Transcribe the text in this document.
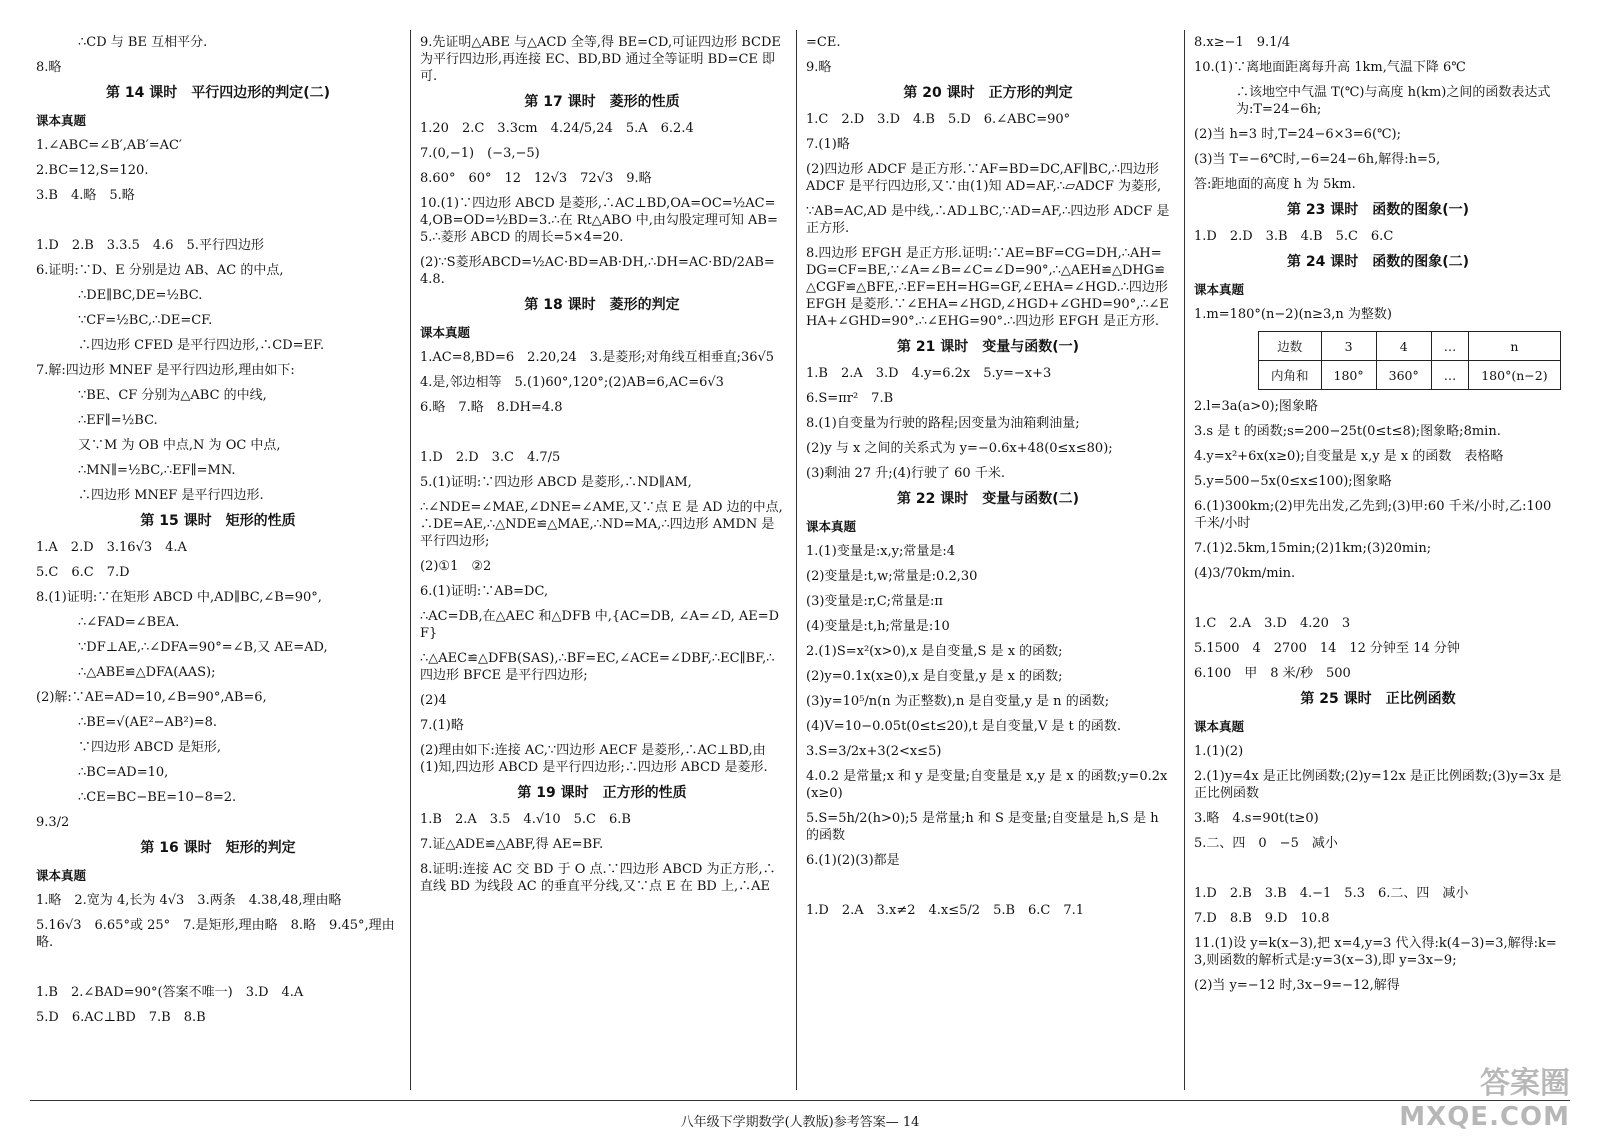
∴CD 与 BE 互相平分.
8.略
第 14 课时　平行四边形的判定(二)
课本真题
1.∠ABC=∠B′,AB′=AC′
2.BC=12,S=120.
3.B　4.略　5.略
1.D　2.B　3.3.5　4.6　5.平行四边形
6.证明:∵D、E 分别是边 AB、AC 的中点,
∴DE∥BC,DE=½BC.
∵CF=½BC,∴DE=CF.
∴四边形 CFED 是平行四边形,∴CD=EF.
7.解:四边形 MNEF 是平行四边形,理由如下:
∵BE、CF 分别为△ABC 的中线,
∴EF∥=½BC.
又∵M 为 OB 中点,N 为 OC 中点,
∴MN∥=½BC,∴EF∥=MN.
∴四边形 MNEF 是平行四边形.
第 15 课时　矩形的性质
1.A　2.D　3.16√3　4.A
5.C　6.C　7.D
8.(1)证明:∵在矩形 ABCD 中,AD∥BC,∠B=90°,
∴∠FAD=∠BEA.
∵DF⊥AE,∴∠DFA=90°=∠B,又 AE=AD,
∴△ABE≌△DFA(AAS);
(2)解:∵AE=AD=10,∠B=90°,AB=6,
∴BE=√(AE²−AB²)=8.
∵四边形 ABCD 是矩形,
∴BC=AD=10,
∴CE=BC−BE=10−8=2.
9.3/2
第 16 课时　矩形的判定
课本真题
1.略　2.宽为 4,长为 4√3　3.两条　4.38,48,理由略
5.16√3　6.65°或 25°　7.是矩形,理由略　8.略　9.45°,理由略.
1.B　2.∠BAD=90°(答案不唯一)　3.D　4.A
5.D　6.AC⊥BD　7.B　8.B
9.先证明△ABE 与△ACD 全等,得 BE=CD,可证四边形 BCDE 为平行四边形,再连接 EC、BD,BD 通过全等证明 BD=CE 即可.
第 17 课时　菱形的性质
1.20　2.C　3.3cm　4.24/5,24　5.A　6.2.4
7.(0,−1)　(−3,−5)
8.60°　60°　12　12√3　72√3　9.略
10.(1)∵四边形 ABCD 是菱形,∴AC⊥BD,OA=OC=½AC=4,OB=OD=½BD=3.∴在 Rt△ABO 中,由勾股定理可知 AB=5.∴菱形 ABCD 的周长=5×4=20.
(2)∵S菱形ABCD=½AC·BD=AB·DH,∴DH=AC·BD/2AB=4.8.
第 18 课时　菱形的判定
课本真题
1.AC=8,BD=6　2.20,24　3.是菱形;对角线互相垂直;36√5
4.是,邻边相等　5.(1)60°,120°;(2)AB=6,AC=6√3
6.略　7.略　8.DH=4.8
1.D　2.D　3.C　4.7/5
5.(1)证明:∵四边形 ABCD 是菱形,∴ND∥AM,
∴∠NDE=∠MAE,∠DNE=∠AME,又∵点 E 是 AD 边的中点,∴DE=AE,∴△NDE≌△MAE,∴ND=MA,∴四边形 AMDN 是平行四边形;
(2)①1　②2
6.(1)证明:∵AB=DC,
∴AC=DB,在△AEC 和△DFB 中,{AC=DB, ∠A=∠D, AE=DF}
∴△AEC≌△DFB(SAS),∴BF=EC,∠ACE=∠DBF,∴EC∥BF,∴四边形 BFCE 是平行四边形;
(2)4
7.(1)略
(2)理由如下:连接 AC,∵四边形 AECF 是菱形,∴AC⊥BD,由(1)知,四边形 ABCD 是平行四边形;∴四边形 ABCD 是菱形.
第 19 课时　正方形的性质
1.B　2.A　3.5　4.√10　5.C　6.B
7.证△ADE≌△ABF,得 AE=BF.
8.证明:连接 AC 交 BD 于 O 点.∵四边形 ABCD 为正方形,∴直线 BD 为线段 AC 的垂直平分线,又∵点 E 在 BD 上,∴AE
=CE.
9.略
第 20 课时　正方形的判定
1.C　2.D　3.D　4.B　5.D　6.∠ABC=90°
7.(1)略
(2)四边形 ADCF 是正方形.∵AF=BD=DC,AF∥BC,∴四边形 ADCF 是平行四边形,又∵由(1)知 AD=AF,∴▱ADCF 为菱形,
∵AB=AC,AD 是中线,∴AD⊥BC,∵AD=AF,∴四边形 ADCF 是正方形.
8.四边形 EFGH 是正方形.证明:∵AE=BF=CG=DH,∴AH=DG=CF=BE,∵∠A=∠B=∠C=∠D=90°,∴△AEH≌△DHG≌△CGF≌△BFE,∴EF=EH=HG=GF,∠EHA=∠HGD.∴四边形 EFGH 是菱形.∵∠EHA=∠HGD,∠HGD+∠GHD=90°,∴∠EHA+∠GHD=90°.∴∠EHG=90°.∴四边形 EFGH 是正方形.
第 21 课时　变量与函数(一)
1.B　2.A　3.D　4.y=6.2x　5.y=−x+3
6.S=πr²　7.B
8.(1)自变量为行驶的路程;因变量为油箱剩油量;
(2)y 与 x 之间的关系式为 y=−0.6x+48(0≤x≤80);
(3)剩油 27 升;(4)行驶了 60 千米.
第 22 课时　变量与函数(二)
课本真题
1.(1)变量是:x,y;常量是:4
(2)变量是:t,w;常量是:0.2,30
(3)变量是:r,C;常量是:π
(4)变量是:t,h;常量是:10
2.(1)S=x²(x>0),x 是自变量,S 是 x 的函数;
(2)y=0.1x(x≥0),x 是自变量,y 是 x 的函数;
(3)y=10⁵/n(n 为正整数),n 是自变量,y 是 n 的函数;
(4)V=10−0.05t(0≤t≤20),t 是自变量,V 是 t 的函数.
3.S=3/2x+3(2<x≤5)
4.0.2 是常量;x 和 y 是变量;自变量是 x,y 是 x 的函数;y=0.2x(x≥0)
5.S=5h/2(h>0);5 是常量;h 和 S 是变量;自变量是 h,S 是 h 的函数
6.(1)(2)(3)都是
1.D　2.A　3.x≠2　4.x≤5/2　5.B　6.C　7.1
8.x≥−1　9.1/4
10.(1)∵离地面距离每升高 1km,气温下降 6℃
∴该地空中气温 T(℃)与高度 h(km)之间的函数表达式为:T=24−6h;
(2)当 h=3 时,T=24−6×3=6(℃);
(3)当 T=−6℃时,−6=24−6h,解得:h=5,
答:距地面的高度 h 为 5km.
第 23 课时　函数的图象(一)
1.D　2.D　3.B　4.B　5.C　6.C
第 24 课时　函数的图象(二)
课本真题
1.m=180°(n−2)(n≥3,n 为整数)
边数	3	4	…	n
内角和	180°	360°	…	180°(n−2)
2.l=3a(a>0);图象略
3.s 是 t 的函数;s=200−25t(0≤t≤8);图象略;8min.
4.y=x²+6x(x≥0);自变量是 x,y 是 x 的函数　表格略
5.y=500−5x(0≤x≤100);图象略
6.(1)300km;(2)甲先出发,乙先到;(3)甲:60 千米/小时,乙:100 千米/小时
7.(1)2.5km,15min;(2)1km;(3)20min;
(4)3/70km/min.
1.C　2.A　3.D　4.20　3
5.1500　4　2700　14　12 分钟至 14 分钟
6.100　甲　8 米/秒　500
第 25 课时　正比例函数
课本真题
1.(1)(2)
2.(1)y=4x 是正比例函数;(2)y=12x 是正比例函数;(3)y=3x 是正比例函数
3.略　4.s=90t(t≥0)
5.二、四　0　−5　减小
1.D　2.B　3.B　4.−1　5.3　6.二、四　减小
7.D　8.B　9.D　10.8
11.(1)设 y=k(x−3),把 x=4,y=3 代入得:k(4−3)=3,解得:k=3,则函数的解析式是:y=3(x−3),即 y=3x−9;
(2)当 y=−12 时,3x−9=−12,解得
八年级下学期数学(人教版)参考答案— 14
答案圈
MXQE.COM
